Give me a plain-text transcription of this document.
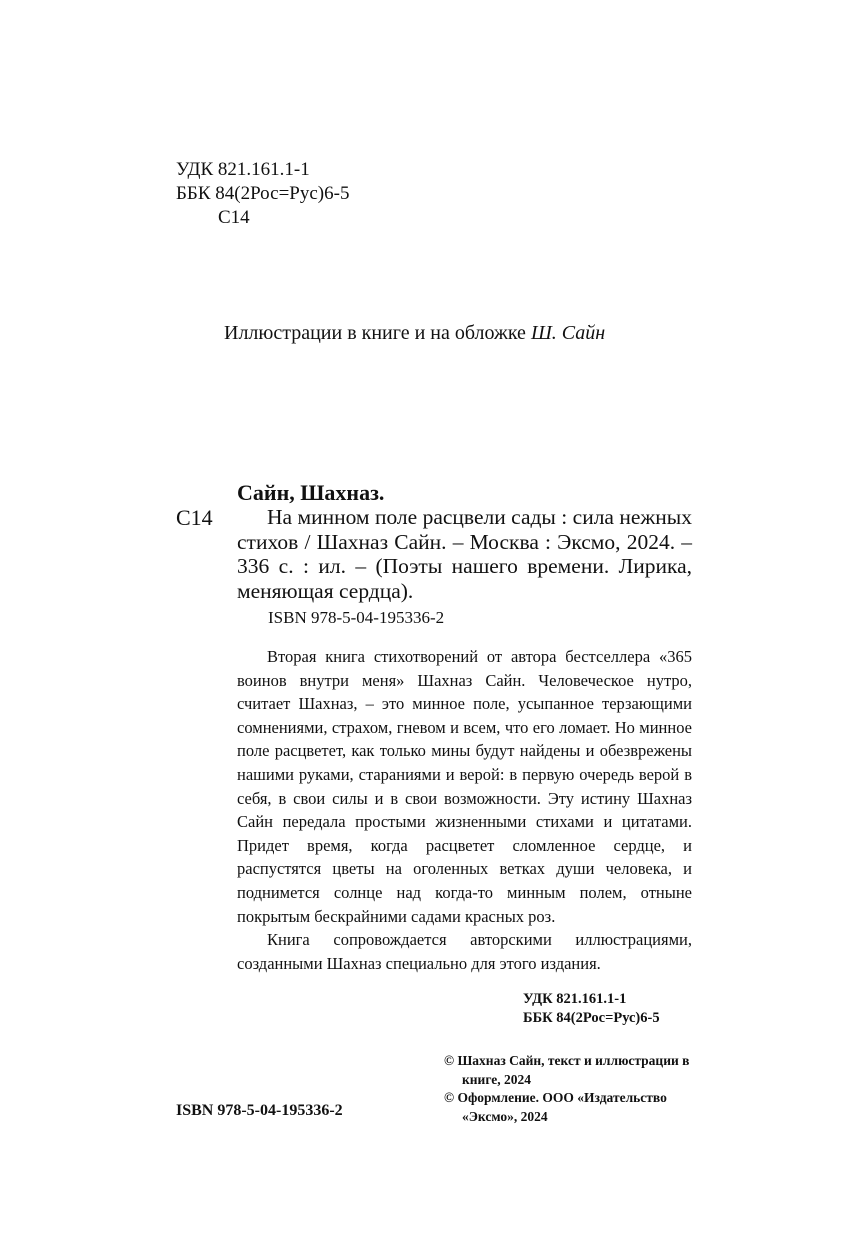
УДК 821.161.1-1
ББК 84(2Рос=Рус)6-5
С14
Иллюстрации в книге и на обложке Ш. Сайн
Сайн, Шахназ.
С14	На минном поле расцвели сады : сила нежных стихов / Шахназ Сайн. – Москва : Эксмо, 2024. – 336 с. : ил. – (Поэты нашего времени. Лирика, меняющая сердца).
ISBN 978-5-04-195336-2

Вторая книга стихотворений от автора бестселлера «365 воинов внутри меня» Шахназ Сайн. Человеческое нутро, считает Шахназ, – это минное поле, усыпанное терзающими сомнениями, страхом, гневом и всем, что его ломает. Но минное поле расцветет, как только мины будут найдены и обезврежены нашими руками, стараниями и верой: в первую очередь верой в себя, в свои силы и в свои возможности. Эту истину Шахназ Сайн передала простыми жизненными стихами и цитатами. Придет время, когда расцветет сломленное сердце, и распустятся цветы на оголенных ветках души человека, и поднимется солнце над когда-то минным полем, отныне покрытым бескрайними садами красных роз.

Книга сопровождается авторскими иллюстрациями, созданными Шахназ специально для этого издания.

УДК 821.161.1-1
ББК 84(2Рос=Рус)6-5
© Шахназ Сайн, текст и иллюстрации в книге, 2024
© Оформление. ООО «Издательство «Эксмо», 2024
ISBN 978-5-04-195336-2
